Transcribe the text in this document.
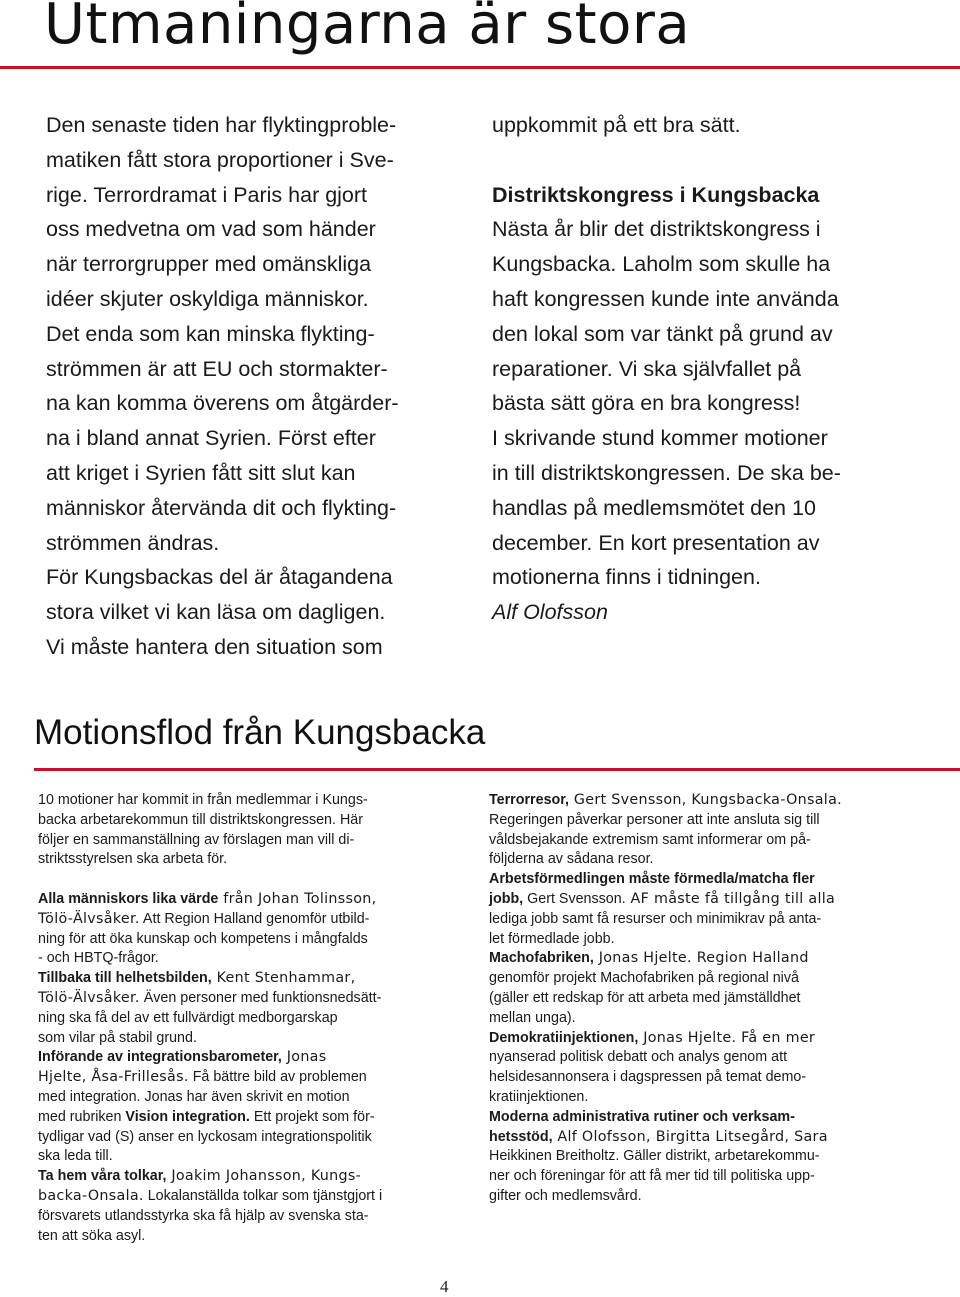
Utmaningarna är stora

Den senaste tiden har flyktingproble-

matiken fått stora proportioner i Sve-

rige. Terrordramat i Paris har gjort

oss medvetna om vad som händer

när terrorgrupper med omänskliga

idéer skjuter oskyldiga människor.

Det enda som kan minska flykting-

strömmen är att EU och stormakter-

na kan komma överens om åtgärder-

na i bland annat Syrien. Först efter

att kriget i Syrien fått sitt slut kan

människor återvända dit och flykting-

strömmen ändras.

För Kungsbackas del är åtagandena

stora vilket vi kan läsa om dagligen.

Vi måste hantera den situation som

uppkommit på ett bra sätt.

Distriktskongress i Kungsbacka

Nästa år blir det distriktskongress i

Kungsbacka. Laholm som skulle ha

haft kongressen kunde inte använda

den lokal som var tänkt på grund av

reparationer. Vi ska självfallet på

bästa sätt göra en bra kongress!

I skrivande stund kommer motioner

in till distriktskongressen. De ska be-

handlas på medlemsmötet den 10

december. En kort presentation av

motionerna finns i tidningen.

Alf Olofsson

Motionsflod från Kungsbacka

10 motioner har kommit in från medlemmar i Kungs-

backa arbetarekommun till distriktskongressen. Här

följer en sammanställning av förslagen man vill di-

striktsstyrelsen ska arbeta för.

Alla människors lika värde från Johan Tolinsson,

Tölö-Älvsåker. Att Region Halland genomför utbild-

ning för att öka kunskap och kompetens i mångfalds

- och HBTQ-frågor.

Tillbaka till helhetsbilden, Kent Stenhammar,

Tölö-Älvsåker. Även personer med funktionsnedsätt-

ning ska få del av ett fullvärdigt medborgarskap

som vilar på stabil grund.

Införande av integrationsbarometer, Jonas

Hjelte, Åsa-Frillesås. Få bättre bild av problemen

med integration. Jonas har även skrivit en motion

med rubriken Vision integration. Ett projekt som för-

tydligar vad (S) anser en lyckosam integrationspolitik

ska leda till.

Ta hem våra tolkar, Joakim Johansson, Kungs-

backa-Onsala. Lokalanställda tolkar som tjänstgjort i

försvarets utlandsstyrka ska få hjälp av svenska sta-

ten att söka asyl.

Terrorresor, Gert Svensson, Kungsbacka-Onsala.

Regeringen påverkar personer att inte ansluta sig till

våldsbejakande extremism samt informerar om på-

följderna av sådana resor.

Arbetsförmedlingen måste förmedla/matcha fler

jobb, Gert Svensson. AF måste få tillgång till alla

lediga jobb samt få resurser och minimikrav på anta-

let förmedlade jobb.

Machofabriken, Jonas Hjelte. Region Halland

genomför projekt Machofabriken på regional nivå

(gäller ett redskap för att arbeta med jämställdhet

mellan unga).

Demokratiinjektionen, Jonas Hjelte. Få en mer

nyanserad politisk debatt och analys genom att

helsidesannonsera i dagspressen på temat demo-

kratiinjektionen.

Moderna administrativa rutiner och verksam-

hetsstöd, Alf Olofsson, Birgitta Litsegård, Sara

Heikkinen Breitholtz. Gäller distrikt, arbetarekommu-

ner och föreningar för att få mer tid till politiska upp-

gifter och medlemsvård.

4
